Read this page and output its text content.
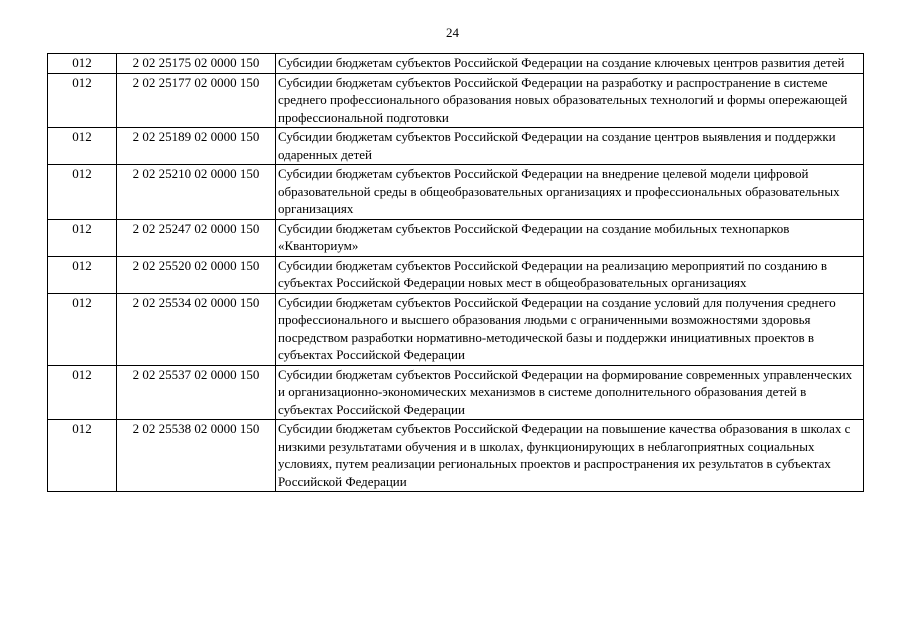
24
012	2 02 25175 02 0000 150	Субсидии бюджетам субъектов Российской Федерации на создание ключевых центров развития детей
012	2 02 25177 02 0000 150	Субсидии бюджетам субъектов Российской Федерации на разработку и распространение в системе среднего профессионального образования новых образовательных технологий и формы опережающей профессиональной подготовки
012	2 02 25189 02 0000 150	Субсидии бюджетам субъектов Российской Федерации на создание центров выявления и поддержки одаренных детей
012	2 02 25210 02 0000 150	Субсидии бюджетам субъектов Российской Федерации на внедрение целевой модели цифровой образовательной среды в общеобразовательных организациях и профессиональных образовательных организациях
012	2 02 25247 02 0000 150	Субсидии бюджетам субъектов Российской Федерации на создание мобильных технопарков «Кванториум»
012	2 02 25520 02 0000 150	Субсидии бюджетам субъектов Российской Федерации на реализацию мероприятий по созданию в субъектах Российской Федерации новых мест в общеобразовательных организациях
012	2 02 25534 02 0000 150	Субсидии бюджетам субъектов Российской Федерации на создание условий для получения среднего профессионального и высшего образования людьми с ограниченными возможностями здоровья посредством разработки нормативно-методической базы и поддержки инициативных проектов в субъектах Российской Федерации
012	2 02 25537 02 0000 150	Субсидии бюджетам субъектов Российской Федерации на формирование современных управленческих и организационно-экономических механизмов в системе дополнительного образования детей в субъектах Российской Федерации
012	2 02 25538 02 0000 150	Субсидии бюджетам субъектов Российской Федерации на повышение качества образования в школах с низкими результатами обучения и в школах, функционирующих в неблагоприятных социальных условиях, путем реализации региональных проектов и распространения их результатов в субъектах Российской Федерации
